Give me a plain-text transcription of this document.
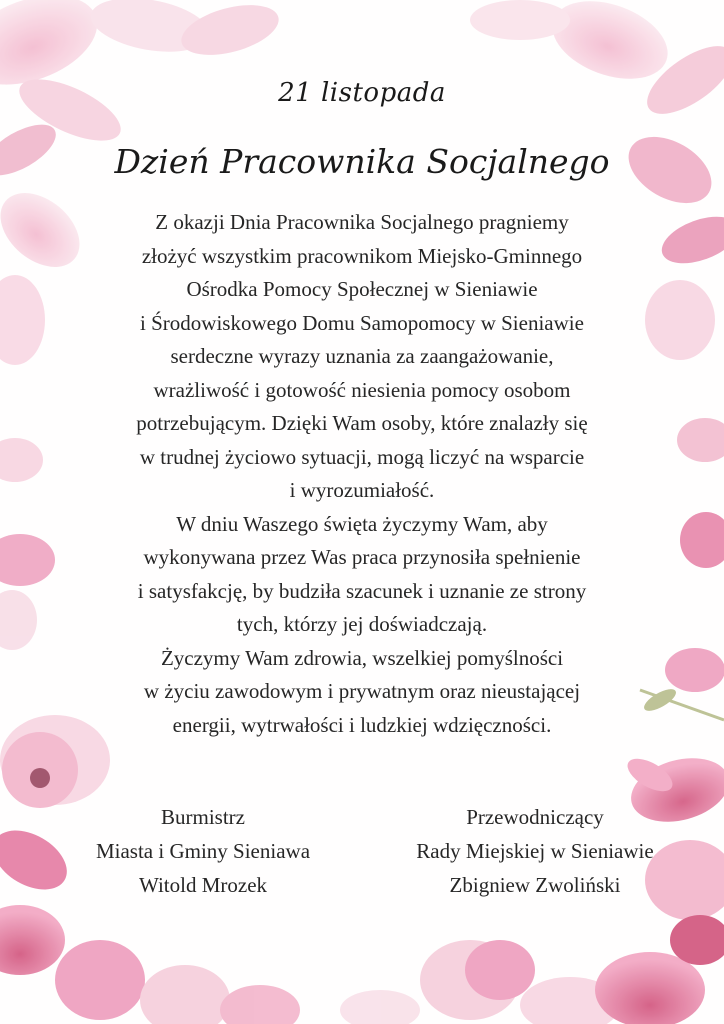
21 listopada
Dzień Pracownika Socjalnego
Z okazji Dnia Pracownika Socjalnego pragniemy
złożyć wszystkim pracownikom Miejsko-Gminnego
Ośrodka Pomocy Społecznej w Sieniawie
i Środowiskowego Domu Samopomocy w Sieniawie
serdeczne wyrazy uznania za zaangażowanie,
wrażliwość i gotowość niesienia pomocy osobom
potrzebującym. Dzięki Wam osoby, które znalazły się
w trudnej życiowo sytuacji, mogą liczyć na wsparcie
i wyrozumiałość.
W dniu Waszego święta życzymy Wam, aby
wykonywana przez Was praca przynosiła spełnienie
i satysfakcję, by budziła szacunek i uznanie ze strony
tych, którzy jej doświadczają.
Życzymy Wam zdrowia, wszelkiej pomyślności
w życiu zawodowym i prywatnym oraz nieustającej
energii, wytrwałości i ludzkiej wdzięczności.
Burmistrz
Miasta i Gminy Sieniawa
Witold Mrozek
Przewodniczący
Rady Miejskiej w Sieniawie
Zbigniew Zwoliński
